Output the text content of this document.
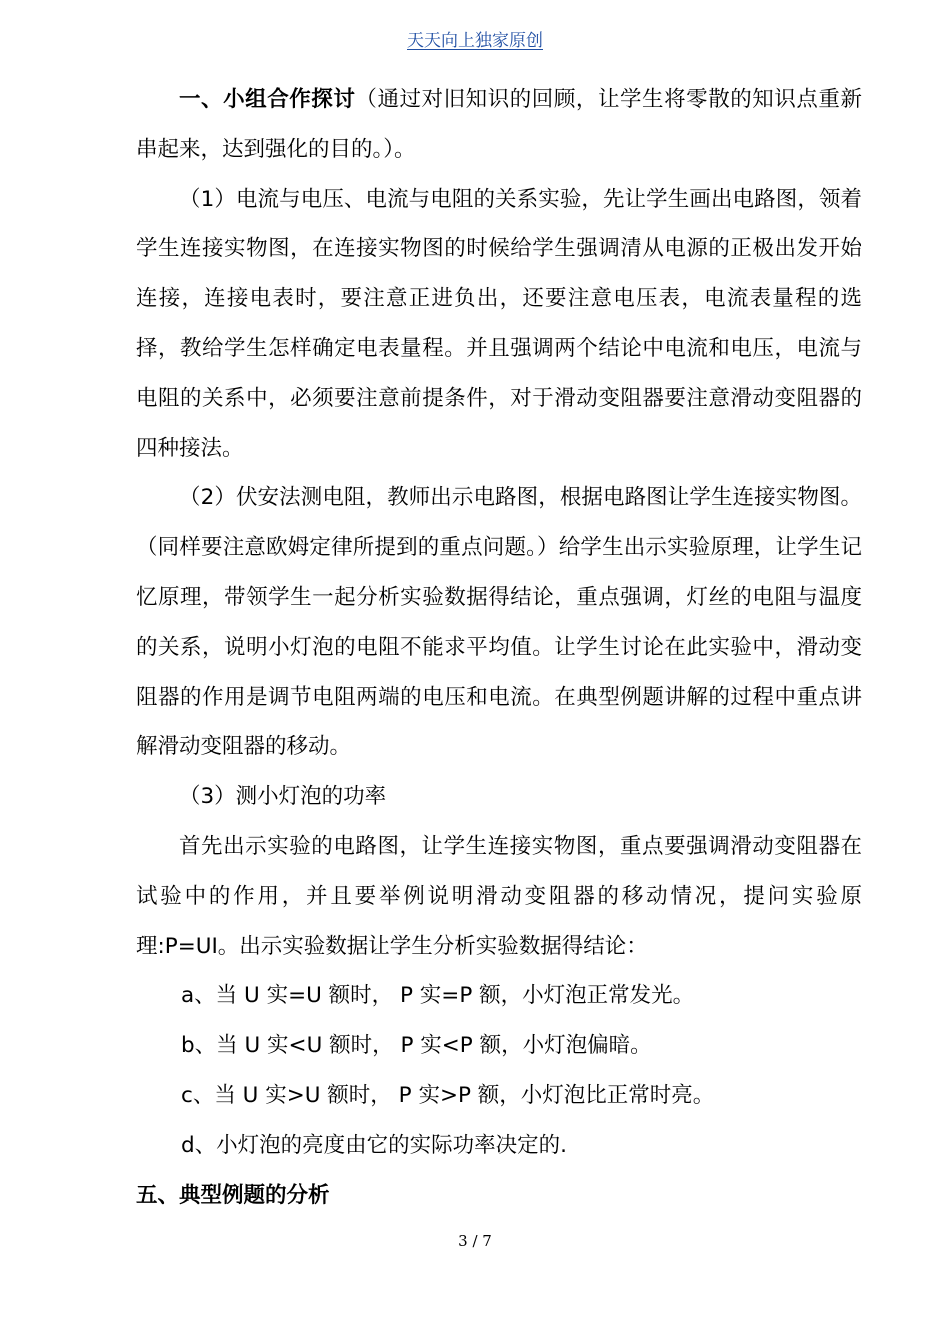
天天向上独家原创

一、小组合作探讨（通过对旧知识的回顾，让学生将零散的知识点重新串起来，达到强化的目的。）。

（1）电流与电压、电流与电阻的关系实验，先让学生画出电路图，领着学生连接实物图，在连接实物图的时候给学生强调清从电源的正极出发开始连接，连接电表时，要注意正进负出，还要注意电压表，电流表量程的选择，教给学生怎样确定电表量程。并且强调两个结论中电流和电压，电流与电阻的关系中，必须要注意前提条件，对于滑动变阻器要注意滑动变阻器的四种接法。

（2）伏安法测电阻，教师出示电路图，根据电路图让学生连接实物图。（同样要注意欧姆定律所提到的重点问题。）给学生出示实验原理，让学生记忆原理，带领学生一起分析实验数据得结论，重点强调，灯丝的电阻与温度的关系，说明小灯泡的电阻不能求平均值。让学生讨论在此实验中，滑动变阻器的作用是调节电阻两端的电压和电流。在典型例题讲解的过程中重点讲解滑动变阻器的移动。

（3）测小灯泡的功率

首先出示实验的电路图，让学生连接实物图，重点要强调滑动变阻器在试验中的作用，并且要举例说明滑动变阻器的移动情况，提问实验原理:P=UI。出示实验数据让学生分析实验数据得结论：

a、当 U 实=U 额时， P 实=P 额，小灯泡正常发光。

b、当 U 实<U 额时， P 实<P 额，小灯泡偏暗。

c、当 U 实>U 额时， P 实>P 额，小灯泡比正常时亮。

d、小灯泡的亮度由它的实际功率决定的.

五、典型例题的分析

3 / 7
